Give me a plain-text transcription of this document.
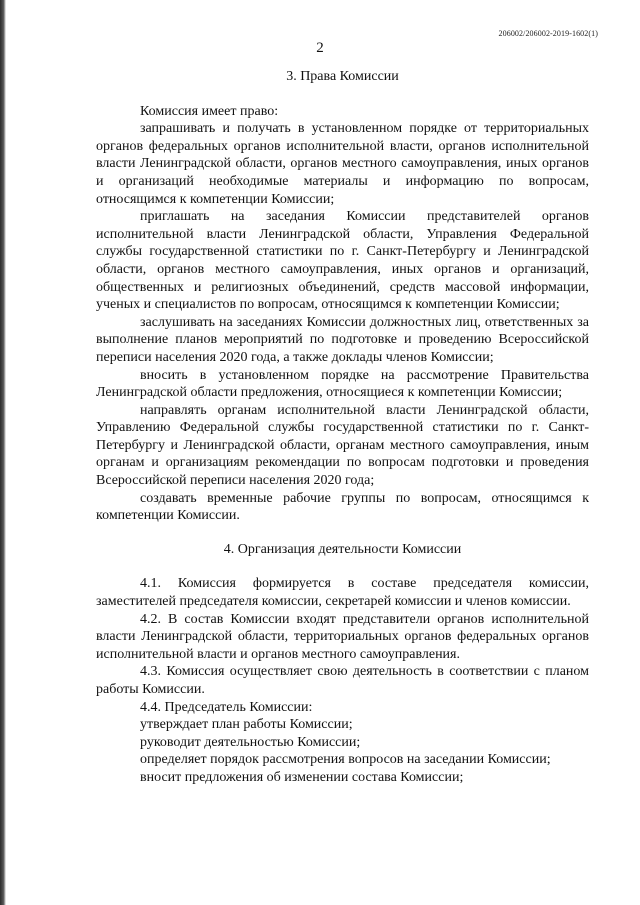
206002/206002-2019-1602(1)
2
3. Права Комиссии

Комиссия имеет право:

запрашивать и получать в установленном порядке от территориальных органов федеральных органов исполнительной власти, органов исполнительной власти Ленинградской области, органов местного самоуправления, иных органов и организаций необходимые материалы и информацию по вопросам, относящимся к компетенции Комиссии;

приглашать на заседания Комиссии представителей органов исполнительной власти Ленинградской области, Управления Федеральной службы государственной статистики по г. Санкт-Петербургу и Ленинградской области, органов местного самоуправления, иных органов и организаций, общественных и религиозных объединений, средств массовой информации, ученых и специалистов по вопросам, относящимся к компетенции Комиссии;

заслушивать на заседаниях Комиссии должностных лиц, ответственных за выполнение планов мероприятий по подготовке и проведению Всероссийской переписи населения 2020 года, а также доклады членов Комиссии;

вносить в установленном порядке на рассмотрение Правительства Ленинградской области предложения, относящиеся к компетенции Комиссии;

направлять органам исполнительной власти Ленинградской области, Управлению Федеральной службы государственной статистики по г. Санкт-Петербургу и Ленинградской области, органам местного самоуправления, иным органам и организациям рекомендации по вопросам подготовки и проведения Всероссийской переписи населения 2020 года;

создавать временные рабочие группы по вопросам, относящимся к компетенции Комиссии.

4. Организация деятельности Комиссии

4.1. Комиссия формируется в составе председателя комиссии, заместителей председателя комиссии, секретарей комиссии и членов комиссии.

4.2. В состав Комиссии входят представители органов исполнительной власти Ленинградской области, территориальных органов федеральных органов исполнительной власти и органов местного самоуправления.

4.3. Комиссия осуществляет свою деятельность в соответствии с планом работы Комиссии.

4.4. Председатель Комиссии:

утверждает план работы Комиссии;

руководит деятельностью Комиссии;

определяет порядок рассмотрения вопросов на заседании Комиссии;

вносит предложения об изменении состава Комиссии;
